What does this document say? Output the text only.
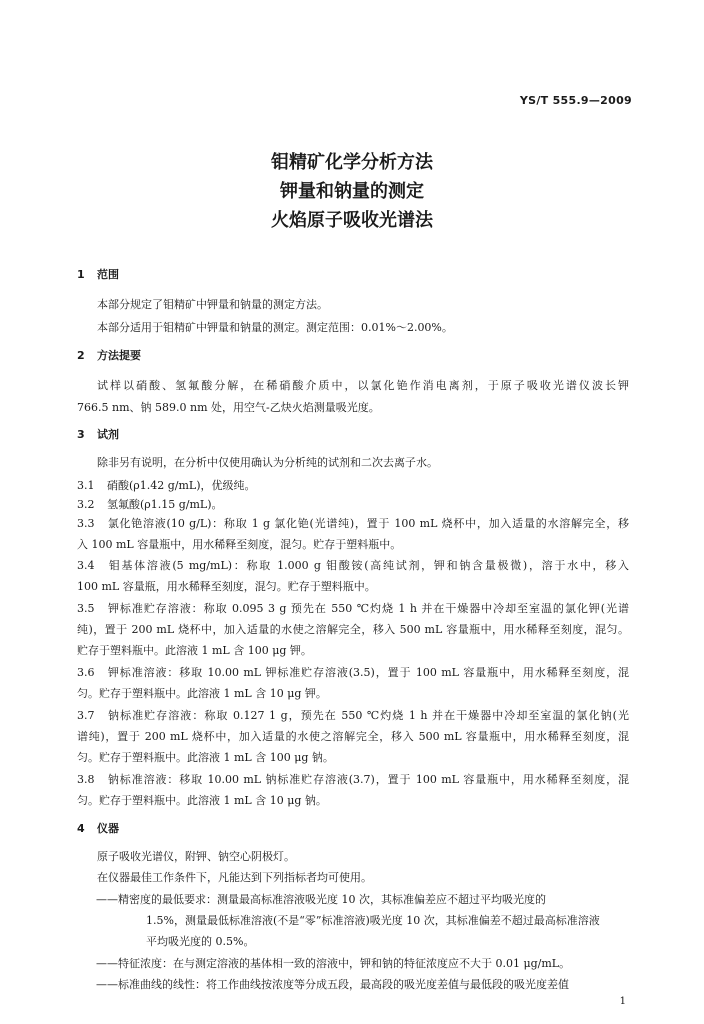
YS/T 555.9—2009
钼精矿化学分析方法
钾量和钠量的测定
火焰原子吸收光谱法
1 范围
本部分规定了钼精矿中钾量和钠量的测定方法。
本部分适用于钼精矿中钾量和钠量的测定。测定范围：0.01%～2.00%。
2 方法提要
试样以硝酸、氢氟酸分解，在稀硝酸介质中，以氯化铯作消电离剂，于原子吸收光谱仪波长钾
766.5 nm、钠 589.0 nm 处，用空气-乙炔火焰测量吸光度。
3 试剂
除非另有说明，在分析中仅使用确认为分析纯的试剂和二次去离子水。
3.1 硝酸(ρ1.42 g/mL)，优级纯。
3.2 氢氟酸(ρ1.15 g/mL)。
3.3 氯化铯溶液(10 g/L)：称取 1 g 氯化铯(光谱纯)，置于 100 mL 烧杯中，加入适量的水溶解完全，移
入 100 mL 容量瓶中，用水稀释至刻度，混匀。贮存于塑料瓶中。
3.4 钼基体溶液(5 mg/mL)：称取 1.000 g 钼酸铵(高纯试剂，钾和钠含量极微)，溶于水中，移入
100 mL 容量瓶，用水稀释至刻度，混匀。贮存于塑料瓶中。
3.5 钾标准贮存溶液：称取 0.095 3 g 预先在 550 ℃灼烧 1 h 并在干燥器中冷却至室温的氯化钾(光谱
纯)，置于 200 mL 烧杯中，加入适量的水使之溶解完全，移入 500 mL 容量瓶中，用水稀释至刻度，混匀。
贮存于塑料瓶中。此溶液 1 mL 含 100 μg 钾。
3.6 钾标准溶液：移取 10.00 mL 钾标准贮存溶液(3.5)，置于 100 mL 容量瓶中，用水稀释至刻度，混
匀。贮存于塑料瓶中。此溶液 1 mL 含 10 μg 钾。
3.7 钠标准贮存溶液：称取 0.127 1 g，预先在 550 ℃灼烧 1 h 并在干燥器中冷却至室温的氯化钠(光
谱纯)，置于 200 mL 烧杯中，加入适量的水使之溶解完全，移入 500 mL 容量瓶中，用水稀释至刻度，混
匀。贮存于塑料瓶中。此溶液 1 mL 含 100 μg 钠。
3.8 钠标准溶液：移取 10.00 mL 钠标准贮存溶液(3.7)，置于 100 mL 容量瓶中，用水稀释至刻度，混
匀。贮存于塑料瓶中。此溶液 1 mL 含 10 μg 钠。
4 仪器
原子吸收光谱仪，附钾、钠空心阴极灯。
在仪器最佳工作条件下，凡能达到下列指标者均可使用。
——精密度的最低要求：测量最高标准溶液吸光度 10 次，其标准偏差应不超过平均吸光度的
1.5%，测量最低标准溶液(不是“零”标准溶液)吸光度 10 次，其标准偏差不超过最高标准溶液
平均吸光度的 0.5%。
——特征浓度：在与测定溶液的基体相一致的溶液中，钾和钠的特征浓度应不大于 0.01 μg/mL。
——标准曲线的线性：将工作曲线按浓度等分成五段，最高段的吸光度差值与最低段的吸光度差值
1
